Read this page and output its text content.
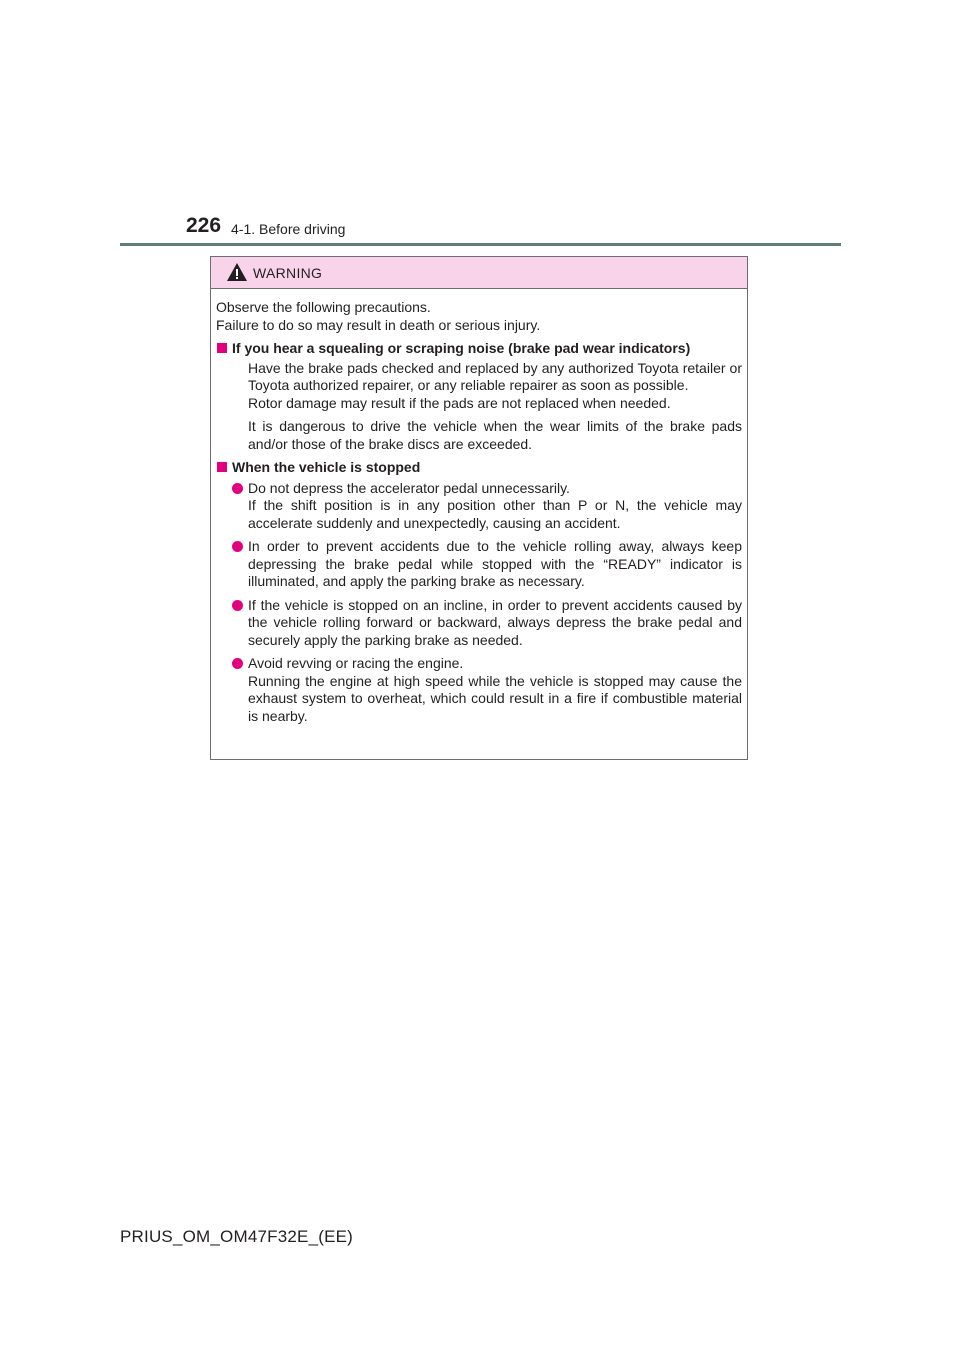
226 4-1. Before driving
WARNING

Observe the following precautions.

Failure to do so may result in death or serious injury.

If you hear a squealing or scraping noise (brake pad wear indicators)

Have the brake pads checked and replaced by any authorized Toyota retailer or Toyota authorized repairer, or any reliable repairer as soon as possible.
Rotor damage may result if the pads are not replaced when needed.

It is dangerous to drive the vehicle when the wear limits of the brake pads and/or those of the brake discs are exceeded.

When the vehicle is stopped
Do not depress the accelerator pedal unnecessarily.
If the shift position is in any position other than P or N, the vehicle may accelerate suddenly and unexpectedly, causing an accident.
In order to prevent accidents due to the vehicle rolling away, always keep depressing the brake pedal while stopped with the “READY” indicator is illuminated, and apply the parking brake as necessary.
If the vehicle is stopped on an incline, in order to prevent accidents caused by the vehicle rolling forward or backward, always depress the brake pedal and securely apply the parking brake as needed.
Avoid revving or racing the engine.
Running the engine at high speed while the vehicle is stopped may cause the exhaust system to overheat, which could result in a fire if combustible material is nearby.
PRIUS_OM_OM47F32E_(EE)
